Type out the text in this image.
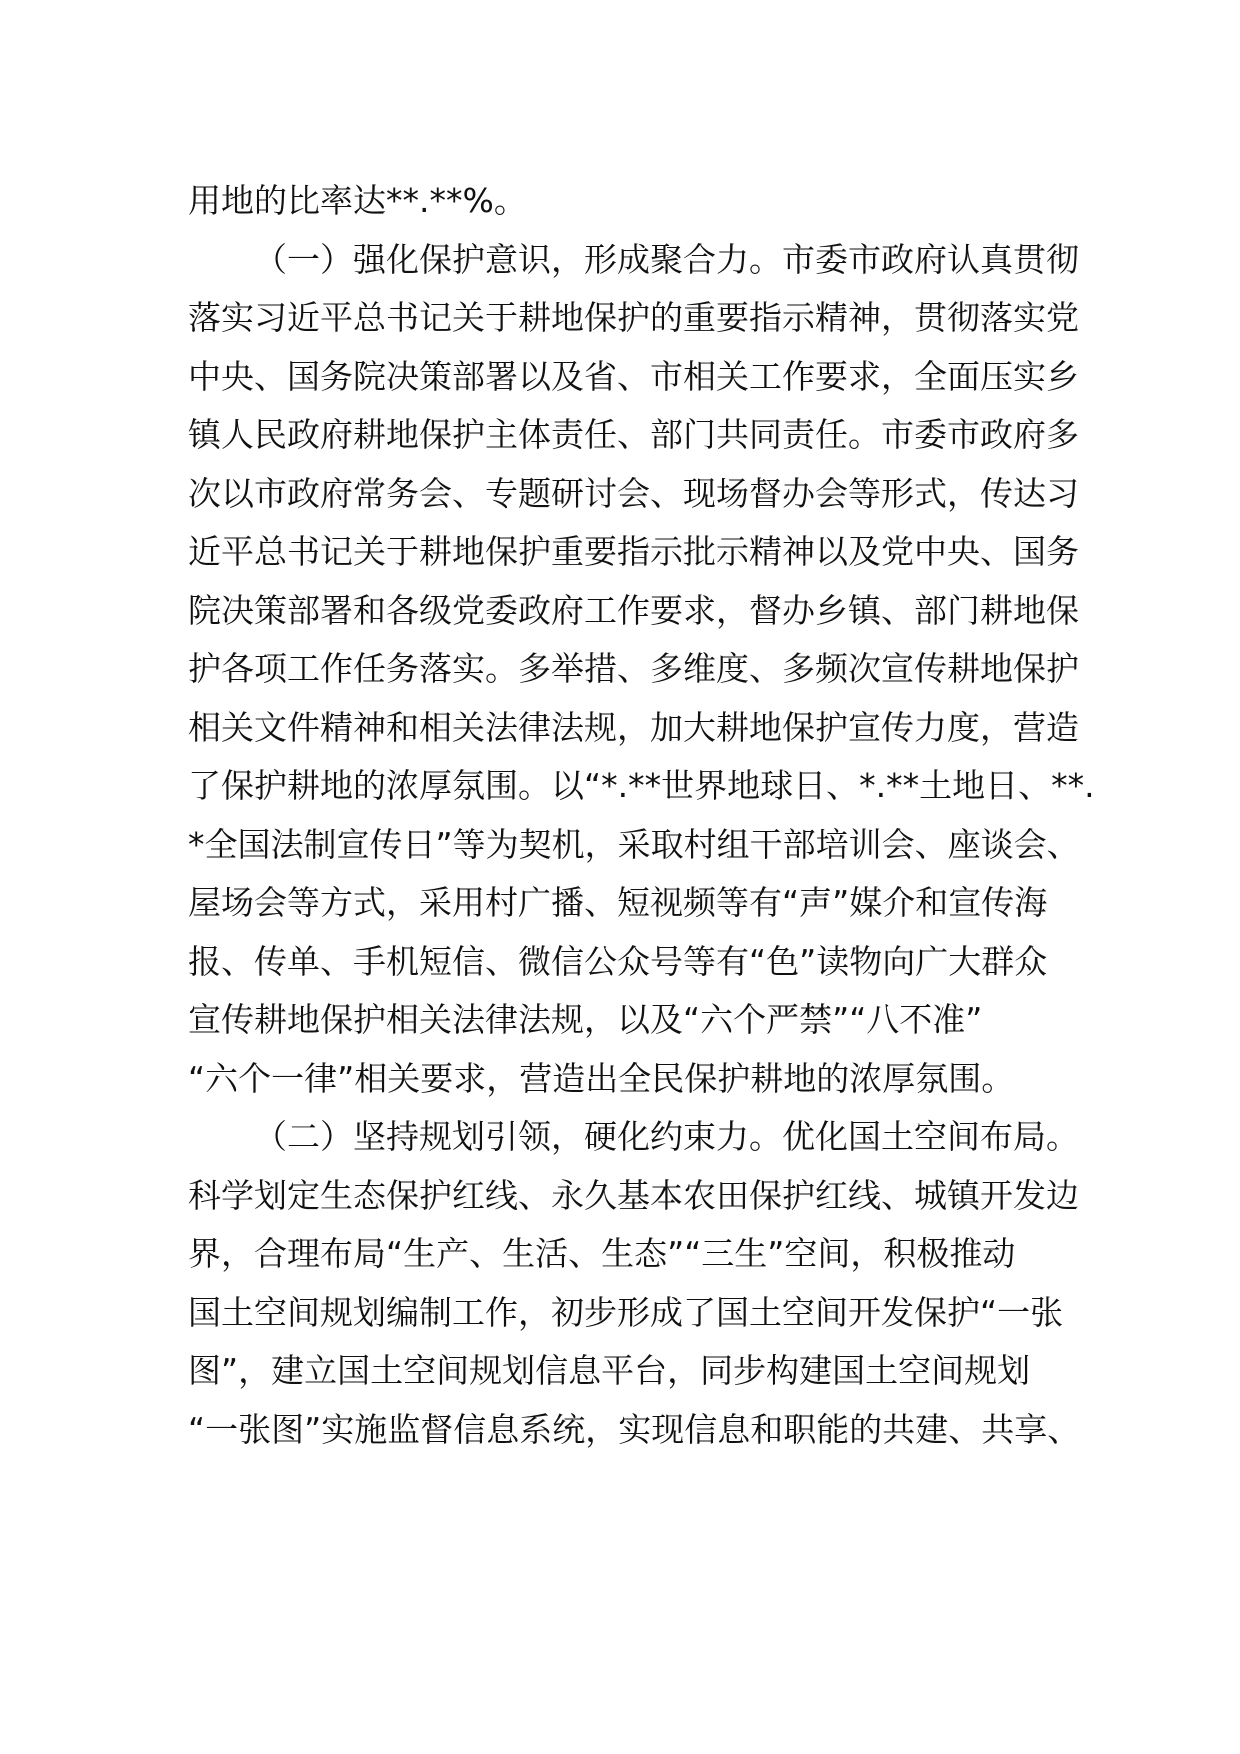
用地的比率达**.**%。
（一）强化保护意识，形成聚合力。市委市政府认真贯彻
落实习近平总书记关于耕地保护的重要指示精神，贯彻落实党
中央、国务院决策部署以及省、市相关工作要求，全面压实乡
镇人民政府耕地保护主体责任、部门共同责任。市委市政府多
次以市政府常务会、专题研讨会、现场督办会等形式，传达习
近平总书记关于耕地保护重要指示批示精神以及党中央、国务
院决策部署和各级党委政府工作要求，督办乡镇、部门耕地保
护各项工作任务落实。多举措、多维度、多频次宣传耕地保护
相关文件精神和相关法律法规，加大耕地保护宣传力度，营造
了保护耕地的浓厚氛围。以“*.**世界地球日、*.**土地日、**.
*全国法制宣传日”等为契机，采取村组干部培训会、座谈会、
屋场会等方式，采用村广播、短视频等有“声”媒介和宣传海
报、传单、手机短信、微信公众号等有“色”读物向广大群众
宣传耕地保护相关法律法规，以及“六个严禁”“八不准”
“六个一律”相关要求，营造出全民保护耕地的浓厚氛围。
（二）坚持规划引领，硬化约束力。优化国土空间布局。
科学划定生态保护红线、永久基本农田保护红线、城镇开发边
界，合理布局“生产、生活、生态”“三生”空间，积极推动
国土空间规划编制工作，初步形成了国土空间开发保护“一张
图”，建立国土空间规划信息平台，同步构建国土空间规划
“一张图”实施监督信息系统，实现信息和职能的共建、共享、
